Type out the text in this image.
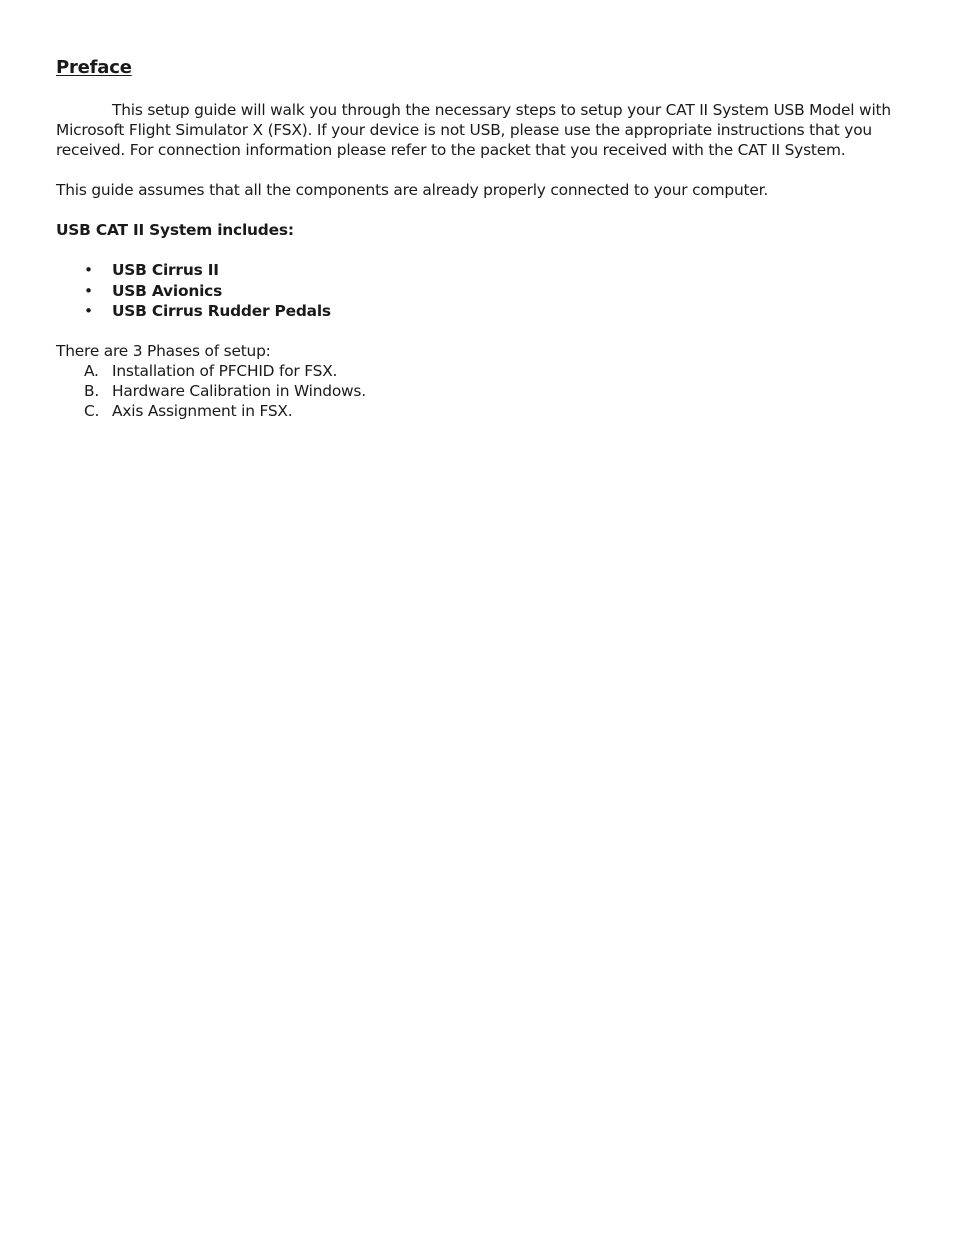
Preface

This setup guide will walk you through the necessary steps to setup your CAT II System USB Model with Microsoft Flight Simulator X (FSX). If your device is not USB, please use the appropriate instructions that you received. For connection information please refer to the packet that you received with the CAT II System.

This guide assumes that all the components are already properly connected to your computer.

USB CAT II System includes:

• USB Cirrus II
• USB Avionics
• USB Cirrus Rudder Pedals

There are 3 Phases of setup:

A. Installation of PFCHID for FSX.
B. Hardware Calibration in Windows.
C. Axis Assignment in FSX.
